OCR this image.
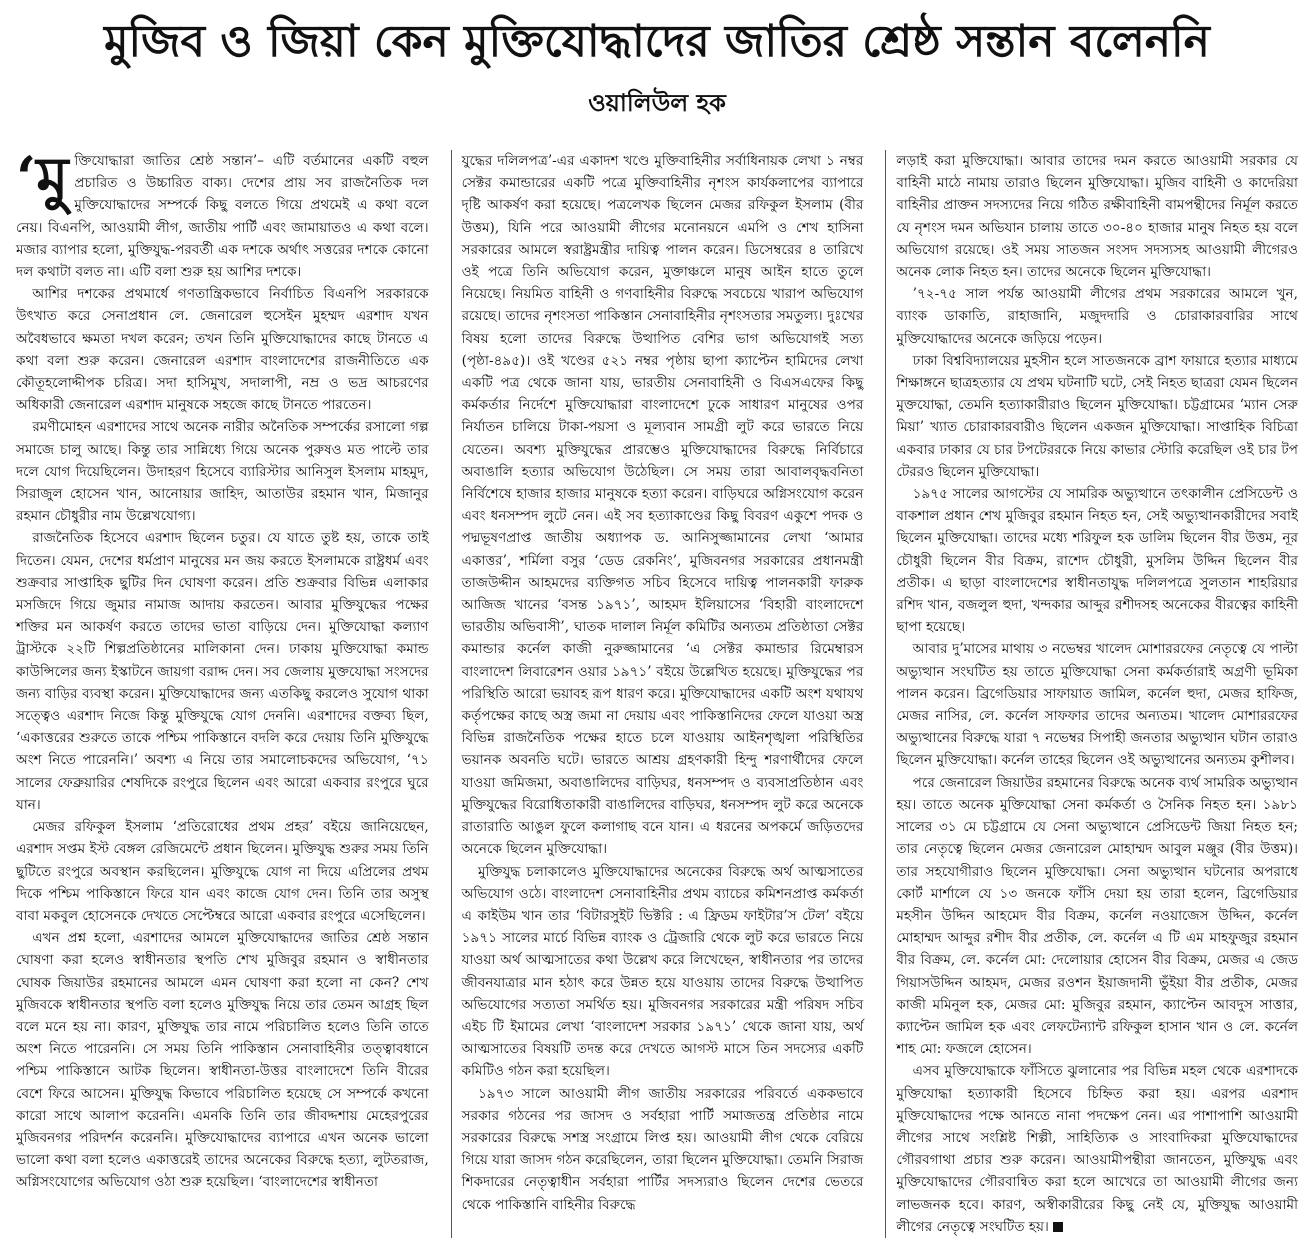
মুজিব ও জিয়া কেন মুক্তিযোদ্ধাদের জাতির শ্রেষ্ঠ সন্তান বলেননি
ওয়ালিউল হক

‘মুক্তিযোদ্ধারা জাতির শ্রেষ্ঠ সন্তান’– এটি বর্তমানের একটি বহুল প্রচারিত ও উচ্চারিত বাক্য। দেশের প্রায় সব রাজনৈতিক দল মুক্তিযোদ্ধাদের সম্পর্কে কিছু বলতে গিয়ে প্রথমেই এ কথা বলে নেয়। বিএনপি, আওয়ামী লীগ, জাতীয় পার্টি এবং জামায়াতও এ কথা বলে। মজার ব্যাপার হলো, মুক্তিযুদ্ধ-পরবর্তী এক দশকে অর্থাৎ সত্তরের দশকে কোনো দল কথাটা বলত না। এটি বলা শুরু হয় আশির দশকে।

আশির দশকের প্রথমার্ধে গণতান্ত্রিকভাবে নির্বাচিত বিএনপি সরকারকে উৎখাত করে সেনাপ্রধান লে. জেনারেল হুসেইন মুহম্মদ এরশাদ যখন অবৈধভাবে ক্ষমতা দখল করেন; তখন তিনি মুক্তিযোদ্ধাদের কাছে টানতে এ কথা বলা শুরু করেন। জেনারেল এরশাদ বাংলাদেশের রাজনীতিতে এক কৌতূহলোদ্দীপক চরিত্র। সদা হাসিমুখ, সদালাপী, নম্র ও ভদ্র আচরণের অধিকারী জেনারেল এরশাদ মানুষকে সহজে কাছে টানতে পারতেন।

রমণীমোহন এরশাদের সাথে অনেক নারীর অনৈতিক সম্পর্কের রসালো গল্প সমাজে চালু আছে। কিন্তু তার সান্নিধ্যে গিয়ে অনেক পুরুষও মত পাল্টে তার দলে যোগ দিয়েছিলেন। উদাহরণ হিসেবে ব্যারিস্টার আনিসুল ইসলাম মাহমুদ, সিরাজুল হোসেন খান, আনোয়ার জাহিদ, আতাউর রহমান খান, মিজানুর রহমান চৌধুরীর নাম উল্লেখযোগ্য।

রাজনৈতিক হিসেবে এরশাদ ছিলেন চতুর। যে যাতে তুষ্ট হয়, তাকে তাই দিতেন। যেমন, দেশের ধর্মপ্রাণ মানুষের মন জয় করতে ইসলামকে রাষ্ট্রধর্ম এবং শুক্রবার সাপ্তাহিক ছুটির দিন ঘোষণা করেন। প্রতি শুক্রবার বিভিন্ন এলাকার মসজিদে গিয়ে জুমার নামাজ আদায় করতেন। আবার মুক্তিযুদ্ধের পক্ষের শক্তির মন আকর্ষণ করতে তাদের ভাতা বাড়িয়ে দেন। মুক্তিযোদ্ধা কল্যাণ ট্রাস্টকে ২২টি শিল্পপ্রতিষ্ঠানের মালিকানা দেন। ঢাকায় মুক্তিযোদ্ধা কমান্ড কাউন্সিলের জন্য ইস্কাটনে জায়গা বরাদ্দ দেন। সব জেলায় মুক্তযোদ্ধা সংসদের জন্য বাড়ির ব্যবস্থা করেন। মুক্তিযোদ্ধাদের জন্য এতকিছু করলেও সুযোগ থাকা সত্ত্বেও এরশাদ নিজে কিন্তু মুক্তিযুদ্ধে যোগ দেননি। এরশাদের বক্তব্য ছিল, ‘একাত্তরের শুরুতে তাকে পশ্চিম পাকিস্তানে বদলি করে দেয়ায় তিনি মুক্তিযুদ্ধে অংশ নিতে পারেননি।’ অবশ্য এ নিয়ে তার সমালোচকদের অভিযোগ, ‘৭১ সালের ফেব্রুয়ারির শেষদিকে রংপুরে ছিলেন এবং আরো একবার রংপুরে ঘুরে যান।

মেজর রফিকুল ইসলাম ‘প্রতিরোধের প্রথম প্রহর’ বইয়ে জানিয়েছেন, এরশাদ সপ্তম ইস্ট বেঙ্গল রেজিমেন্টে প্রধান ছিলেন। মুক্তিযুদ্ধ শুরুর সময় তিনি ছুটিতে রংপুরে অবস্থান করছিলেন। মুক্তিযুদ্ধে যোগ না দিয়ে এপ্রিলের প্রথম দিকে পশ্চিম পাকিস্তানে ফিরে যান এবং কাজে যোগ দেন। তিনি তার অসুস্থ বাবা মকবুল হোসেনকে দেখতে সেপ্টেম্বরে আরো একবার রংপুরে এসেছিলেন।

এখন প্রশ্ন হলো, এরশাদের আমলে মুক্তিযোদ্ধাদের জাতির শ্রেষ্ঠ সন্তান ঘোষণা করা হলেও স্বাধীনতার স্থপতি শেখ মুজিবুর রহমান ও স্বাধীনতার ঘোষক জিয়াউর রহমানের আমলে এমন ঘোষণা করা হলো না কেন? শেখ মুজিবকে স্বাধীনতার স্থপতি বলা হলেও মুক্তিযুদ্ধ নিয়ে তার তেমন আগ্রহ ছিল বলে মনে হয় না। কারণ, মুক্তিযুদ্ধ তার নামে পরিচালিত হলেও তিনি তাতে অংশ নিতে পারেননি। সে সময় তিনি পাকিস্তান সেনাবাহিনীর তত্ত্বাবধানে পশ্চিম পাকিস্তানে আটক ছিলেন। স্বাধীনতা-উত্তর বাংলাদেশে তিনি বীরের বেশে ফিরে আসেন। মুক্তিযুদ্ধ কিভাবে পরিচালিত হয়েছে সে সম্পর্কে কখনো কারো সাথে আলাপ করেননি। এমনকি তিনি তার জীবদ্দশায় মেহেরপুরের মুজিবনগর পরিদর্শন করেননি। মুক্তিযোদ্ধাদের ব্যাপারে এখন অনেক ভালো ভালো কথা বলা হলেও একাত্তরেই তাদের অনেকের বিরুদ্ধে হত্যা, লুটতরাজ, অগ্নিসংযোগের অভিযোগ ওঠা শুরু হয়েছিল। ‘বাংলাদেশের স্বাধীনতা

যুদ্ধের দলিলপত্র’-এর একাদশ খণ্ডে মুক্তিবাহিনীর সর্বাধিনায়ক লেখা ১ নম্বর সেক্টর কমান্ডারের একটি পত্রে মুক্তিবাহিনীর নৃশংস কার্যকলাপের ব্যাপারে দৃষ্টি আকর্ষণ করা হয়েছে। পত্রলেখক ছিলেন মেজর রফিকুল ইসলাম (বীর উত্তম), যিনি পরে আওয়ামী লীগের মনোনয়নে এমপি ও শেখ হাসিনা সরকারের আমলে স্বরাষ্ট্রমন্ত্রীর দায়িত্ব পালন করেন। ডিসেম্বরের ৪ তারিখে ওই পত্রে তিনি অভিযোগ করেন, মুক্তাঞ্চলে মানুষ আইন হাতে তুলে নিয়েছে। নিয়মিত বাহিনী ও গণবাহিনীর বিরুদ্ধে সবচেয়ে খারাপ অভিযোগ রয়েছে। তাদের নৃশংসতা পাকিস্তান সেনাবাহিনীর নৃশংসতার সমতুল্য। দুঃখের বিষয় হলো তাদের বিরুদ্ধে উত্থাপিত বেশির ভাগ অভিযোগই সত্য (পৃষ্ঠা-৪৯৫)। ওই খণ্ডের ৫২১ নম্বর পৃষ্ঠায় ছাপা ক্যাপ্টেন হামিদের লেখা একটি পত্র থেকে জানা যায়, ভারতীয় সেনাবাহিনী ও বিএসএফের কিছু কর্মকর্তার নির্দেশে মুক্তিযোদ্ধারা বাংলাদেশে ঢুকে সাধারণ মানুষের ওপর নির্যাতন চালিয়ে টাকা-পয়সা ও মূল্যবান সামগ্রী লুট করে ভারতে নিয়ে যেতেন। অবশ্য মুক্তিযুদ্ধের প্রারম্ভেও মুক্তিযোদ্ধাদের বিরুদ্ধে নির্বিচারে অবাঙালি হত্যার অভিযোগ উঠেছিল। সে সময় তারা আবালবৃদ্ধবনিতা নির্বিশেষে হাজার হাজার মানুষকে হত্যা করেন। বাড়িঘরে অগ্নিসংযোগ করেন এবং ধনসম্পদ লুটে নেন। এই সব হত্যাকাণ্ডের কিছু বিবরণ একুশে পদক ও পদ্মভূষণপ্রাপ্ত জাতীয় অধ্যাপক ড. আনিসুজ্জামানের লেখা ‘আমার একাত্তর’, শর্মিলা বসুর ‘ডেড রেকনিং’, মুজিবনগর সরকারের প্রধানমন্ত্রী তাজউদ্দীন আহমদের ব্যক্তিগত সচিব হিসেবে দায়িত্ব পালনকারী ফারুক আজিজ খানের ‘বসন্ত ১৯৭১’, আহমদ ইলিয়াসের ‘বিহারী বাংলাদেশে ভারতীয় অভিবাসী’, ঘাতক দালাল নির্মূল কমিটির অন্যতম প্রতিষ্ঠাতা সেক্টর কমান্ডার কর্নেল কাজী নুরুজ্জামানের ‘এ সেক্টর কমান্ডার রিমেম্বারস বাংলাদেশ লিবারেশন ওয়ার ১৯৭১’ বইয়ে উল্লেখিত হয়েছে। মুক্তিযুদ্ধের পর পরিস্থিতি আরো ভয়াবহ রূপ ধারণ করে। মুক্তিযোদ্ধাদের একটি অংশ যথাযথ কর্তৃপক্ষের কাছে অস্ত্র জমা না দেয়ায় এবং পাকিস্তানিদের ফেলে যাওয়া অস্ত্র বিভিন্ন রাজনৈতিক পক্ষের হাতে চলে যাওয়ায় আইনশৃঙ্খলা পরিস্থিতির ভয়ানক অবনতি ঘটে। ভারতে আশ্রয় গ্রহণকারী হিন্দু শরণার্থীদের ফেলে যাওয়া জমিজমা, অবাঙালিদের বাড়িঘর, ধনসম্পদ ও ব্যবসাপ্রতিষ্ঠান এবং মুক্তিযুদ্ধের বিরোধিতাকারী বাঙালিদের বাড়িঘর, ধনসম্পদ লুট করে অনেকে রাতারাতি আঙুল ফুলে কলাগাছ বনে যান। এ ধরনের অপকর্মে জড়িতদের অনেকে ছিলেন মুক্তিযোদ্ধা।

মুক্তিযুদ্ধ চলাকালেও মুক্তিযোদ্ধাদের অনেকের বিরুদ্ধে অর্থ আত্মসাতের অভিযোগ ওঠে। বাংলাদেশ সেনাবাহিনীর প্রথম ব্যাচের কমিশনপ্রাপ্ত কর্মকর্তা এ কাইউম খান তার ‘বিটারসুইট ভিক্টরি : এ ফ্রিডম ফাইটার’স টেল’ বইয়ে ১৯৭১ সালের মার্চে বিভিন্ন ব্যাংক ও ট্রেজারি থেকে লুট করে ভারতে নিয়ে যাওয়া অর্থ আত্মসাতের কথা উল্লেখ করে লিখেছেন, স্বাধীনতার পর তাদের জীবনযাত্রার মান হঠাৎ করে উন্নত হয়ে যাওয়ায় তাদের বিরুদ্ধে উত্থাপিত অভিযোগের সত্যতা সমর্থিত হয়। মুজিবনগর সরকারের মন্ত্রী পরিষদ সচিব এইচ টি ইমামের লেখা ‘বাংলাদেশ সরকার ১৯৭১’ থেকে জানা যায়, অর্থ আত্মসাতের বিষয়টি তদন্ত করে দেখতে আগস্ট মাসে তিন সদস্যের একটি কমিটিও গঠন করা হয়েছিল।

১৯৭৩ সালে আওয়ামী লীগ জাতীয় সরকারের পরিবর্তে এককভাবে সরকার গঠনের পর জাসদ ও সর্বহারা পার্টি সমাজতন্ত্র প্রতিষ্ঠার নামে সরকারের বিরুদ্ধে সশস্ত্র সংগ্রামে লিপ্ত হয়। আওয়ামী লীগ থেকে বেরিয়ে গিয়ে যারা জাসদ গঠন করেছিলেন, তারা ছিলেন মুক্তিযোদ্ধা। তেমনি সিরাজ শিকদারের নেতৃত্বাধীন সর্বহারা পার্টির সদস্যরাও ছিলেন দেশের ভেতরে থেকে পাকিস্তানি বাহিনীর বিরুদ্ধে

লড়াই করা মুক্তিযোদ্ধা। আবার তাদের দমন করতে আওয়ামী সরকার যে বাহিনী মাঠে নামায় তারাও ছিলেন মুক্তিযোদ্ধা। মুজিব বাহিনী ও কাদেরিয়া বাহিনীর প্রাক্তন সদস্যদের নিয়ে গঠিত রক্ষীবাহিনী বামপন্থীদের নির্মূল করতে যে নৃশংস দমন অভিযান চালায় তাতে ৩০-৪০ হাজার মানুষ নিহত হয় বলে অভিযোগ রয়েছে। ওই সময় সাতজন সংসদ সদস্যসহ আওয়ামী লীগেরও অনেক লোক নিহত হন। তাদের অনেকে ছিলেন মুক্তিযোদ্ধা।

’৭২-৭৫ সাল পর্যন্ত আওয়ামী লীগের প্রথম সরকারের আমলে খুন, ব্যাংক ডাকাতি, রাহাজানি, মজুদদারি ও চোরাকারবারির সাথে মুক্তিযোদ্ধাদের অনেকে জড়িয়ে পড়েন।

ঢাকা বিশ্ববিদ্যালয়ের মুহসীন হলে সাতজনকে ব্রাশ ফায়ারে হত্যার মাধ্যমে শিক্ষাঙ্গনে ছাত্রহত্যার যে প্রথম ঘটনাটি ঘটে, সেই নিহত ছাত্ররা যেমন ছিলেন মুক্তযোদ্ধা, তেমনি হত্যাকারীরাও ছিলেন মুক্তিযোদ্ধা। চট্টগ্রামের ‘ম্যান সেরু মিয়া’ খ্যাত চোরাকারবারীও ছিলেন একজন মুক্তিযোদ্ধা। সাপ্তাহিক বিচিত্রা একবার ঢাকার যে চার টপটেররকে নিয়ে কাভার স্টোরি করেছিল ওই চার টপ টেররও ছিলেন মুক্তিযোদ্ধা।

১৯৭৫ সালের আগস্টের যে সামরিক অভ্যুত্থানে তৎকালীন প্রেসিডেন্ট ও বাকশাল প্রধান শেখ মুজিবুর রহমান নিহত হন, সেই অভ্যুত্থানকারীদের সবাই ছিলেন মুক্তিযোদ্ধা। তাদের মধ্যে শরিফুল হক ডালিম ছিলেন বীর উত্তম, নূর চৌধুরী ছিলেন বীর বিক্রম, রাশেদ চৌধুরী, মুসলিম উদ্দিন ছিলেন বীর প্রতীক। এ ছাড়া বাংলাদেশের স্বাধীনতাযুদ্ধ দলিলপত্রে সুলতান শাহরিয়ার রশিদ খান, বজলুল হুদা, খন্দকার আব্দুর রশীদসহ অনেকের বীরত্বের কাহিনী ছাপা হয়েছে।

আবার দু’মাসের মাথায় ৩ নভেম্বর খালেদ মোশাররফের নেতৃত্বে যে পাল্টা অভ্যুত্থান সংঘটিত হয় তাতে মুক্তিযোদ্ধা সেনা কর্মকর্তারাই অগ্রণী ভূমিকা পালন করেন। ব্রিগেডিয়ার সাফায়াত জামিল, কর্নেল হুদা, মেজর হাফিজ, মেজর নাসির, লে. কর্নেল সাফফার তাদের অন্যতম। খালেদ মোশাররফের অভ্যুত্থানের বিরুদ্ধে যারা ৭ নভেম্বর সিপাহী জনতার অভ্যুত্থান ঘটান তারাও ছিলেন মুক্তিযোদ্ধা। কর্নেল তাহের ছিলেন ওই অভ্যুত্থানের অন্যতম কুশীলব।

পরে জেনারেল জিয়াউর রহমানের বিরুদ্ধে অনেক ব্যর্থ সামরিক অভ্যুত্থান হয়। তাতে অনেক মুক্তিযোদ্ধা সেনা কর্মকর্তা ও সৈনিক নিহত হন। ১৯৮১ সালের ৩১ মে চট্টগ্রামে যে সেনা অভ্যুত্থানে প্রেসিডেন্ট জিয়া নিহত হন; তার নেতৃত্বে ছিলেন মেজর জেনারেল মোহাম্মদ আবুল মঞ্জুর (বীর উত্তম)। তার সহযোগীরাও ছিলেন মুক্তিযোদ্ধা। সেনা অভ্যুত্থান ঘটনোর অপরাধে কোর্ট মার্শালে যে ১৩ জনকে ফাঁসি দেয়া হয় তারা হলেন, ব্রিগেডিয়ার মহসীন উদ্দিন আহমেদ বীর বিক্রম, কর্নেল নওয়াজেস উদ্দিন, কর্নেল মোহাম্মদ আব্দুর রশীদ বীর প্রতীক, লে. কর্নেল এ টি এম মাহফুজুর রহমান বীর বিক্রম, লে. কর্নেল মো: দেলোয়ার হোসেন বীর বিক্রম, মেজর এ জেড গিয়াসউদ্দিন আহমদ, মেজর রওশন ইয়াজদানী ভুঁইয়া বীর প্রতীক, মেজর কাজী মমিনুল হক, মেজর মো: মুজিবুর রহমান, ক্যাপ্টেন আবদুস সাত্তার, ক্যাপ্টেন জামিল হক এবং লেফটেন্যান্ট রফিকুল হাসান খান ও লে. কর্নেল শাহ মো: ফজলে হোসেন।

এসব মুক্তিযোদ্ধাকে ফাঁসিতে ঝুলানোর পর বিভিন্ন মহল থেকে এরশাদকে মুক্তিযোদ্ধা হত্যাকারী হিসেবে চিহ্নিত করা হয়। এরপর এরশাদ মুক্তিযোদ্ধাদের পক্ষে আনতে নানা পদক্ষেপ নেন। এর পাশাপাশি আওয়ামী লীগের সাথে সংশ্লিষ্ট শিল্পী, সাহিত্যিক ও সাংবাদিকরা মুক্তিযোদ্ধাদের গৌরবগাথা প্রচার শুরু করেন। আওয়ামীপন্থীরা জানতেন, মুক্তিযুদ্ধ এবং মুক্তিযোদ্ধাদের গৌরবান্বিত করা হলে আখেরে তা আওয়ামী লীগের জন্য লাভজনক হবে। কারণ, অস্বীকারীরের কিছু নেই যে, মুক্তিযুদ্ধ আওয়ামী লীগের নেতৃত্বে সংঘটিত হয়।
